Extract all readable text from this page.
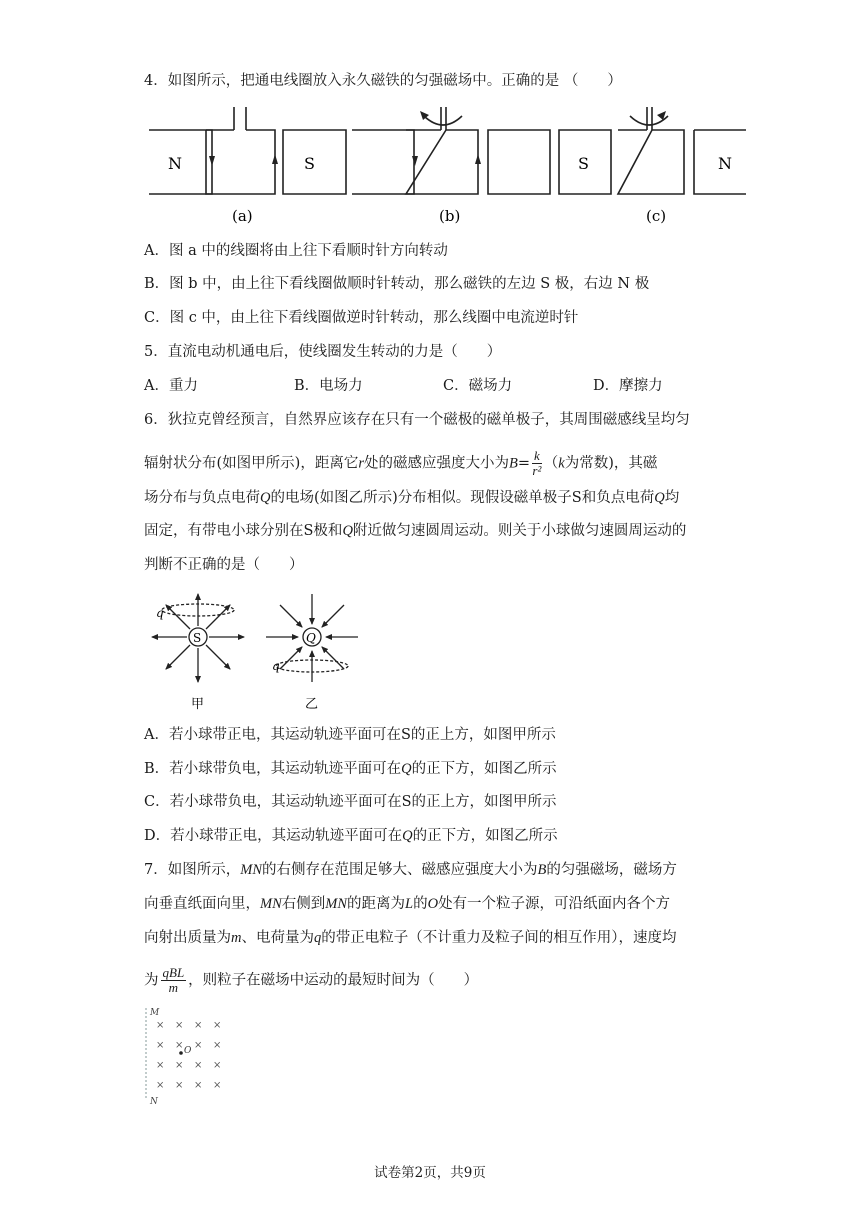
4．如图所示，把通电线圈放入永久磁铁的匀强磁场中。正确的是 （　　）
N	S	S	N
(a)	(b)	(c)
A．图 a 中的线圈将由上往下看顺时针方向转动
B．图 b 中，由上往下看线圈做顺时针转动，那么磁铁的左边 S 极，右边 N 极
C．图 c 中，由上往下看线圈做逆时针转动，那么线圈中电流逆时针
5．直流电动机通电后，使线圈发生转动的力是（　　）
A．重力	B．电场力	C．磁场力	D．摩擦力
6．狄拉克曾经预言，自然界应该存在只有一个磁极的磁单极子，其周围磁感线呈均匀
辐射状分布(如图甲所示)，距离它r处的磁感应强度大小为$B= \frac{k}{\text{r²}} (k$为常数)，其磁
场分布与负点电荷Q的电场(如图乙所示)分布相似。现假设磁单极子S和负点电荷Q均
固定，有带电小球分别在S极和Q附近做匀速圆周运动。则关于小球做匀速圆周运动的
判断不正确的是（　　）
S	Q
q
q
甲	乙
A．若小球带正电，其运动轨迹平面可在S的正上方，如图甲所示
B．若小球带负电，其运动轨迹平面可在Q的正下方，如图乙所示
C．若小球带负电，其运动轨迹平面可在S的正上方，如图甲所示
D．若小球带正电，其运动轨迹平面可在Q的正下方，如图乙所示
7．如图所示，MN的右侧存在范围足够大、磁感应强度大小为B的匀强磁场，磁场方
向垂直纸面向里，MN右侧到MN的距离为L的O处有一个粒子源，可沿纸面内各个方
向射出质量为m、电荷量为q的带正电粒子（不计重力及粒子间的相互作用），速度均
为 $\frac{\text{qBL}}{m}$ ，则粒子在磁场中运动的最短时间为（　　）
M
N
× × × ×
× × × ×
× × × ×
× × × ×
O
试卷第2页，共9页
